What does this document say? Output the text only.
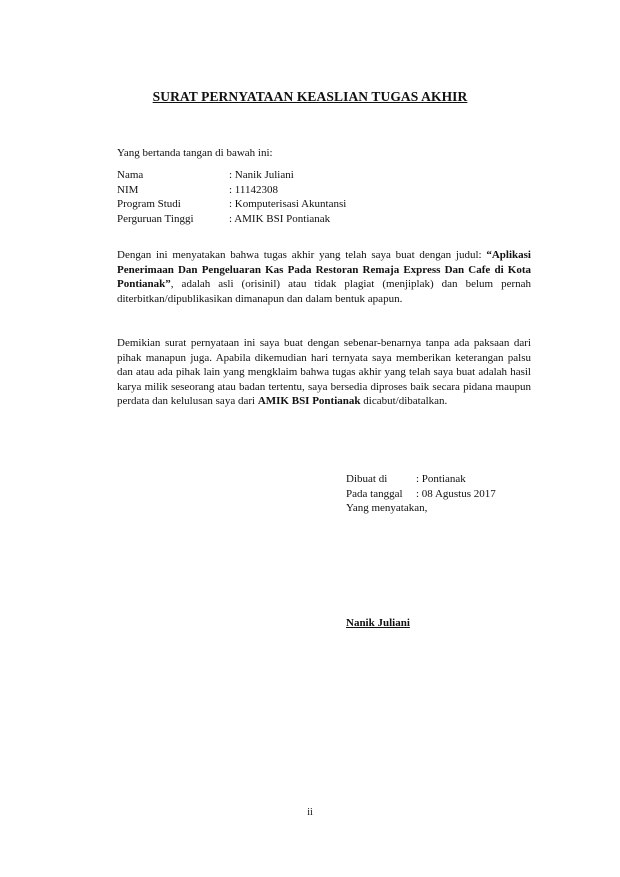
SURAT PERNYATAAN KEASLIAN TUGAS AKHIR
Yang bertanda tangan di bawah ini:
Nama	: Nanik Juliani
NIM	: 11142308
Program Studi	: Komputerisasi Akuntansi
Perguruan Tinggi	: AMIK BSI Pontianak
Dengan ini menyatakan bahwa tugas akhir yang telah saya buat dengan judul: “Aplikasi Penerimaan Dan Pengeluaran Kas Pada Restoran Remaja Express Dan Cafe di Kota Pontianak”, adalah asli (orisinil) atau tidak plagiat (menjiplak) dan belum pernah diterbitkan/dipublikasikan dimanapun dan dalam bentuk apapun.
Demikian surat pernyataan ini saya buat dengan sebenar-benarnya tanpa ada paksaan dari pihak manapun juga. Apabila dikemudian hari ternyata saya memberikan keterangan palsu dan atau ada pihak lain yang mengklaim bahwa tugas akhir yang telah saya buat adalah hasil karya milik seseorang atau badan tertentu, saya bersedia diproses baik secara pidana maupun perdata dan kelulusan saya dari AMIK BSI Pontianak dicabut/dibatalkan.
Dibuat di	: Pontianak
Pada tanggal	: 08 Agustus 2017
Yang menyatakan,
Nanik Juliani
ii
